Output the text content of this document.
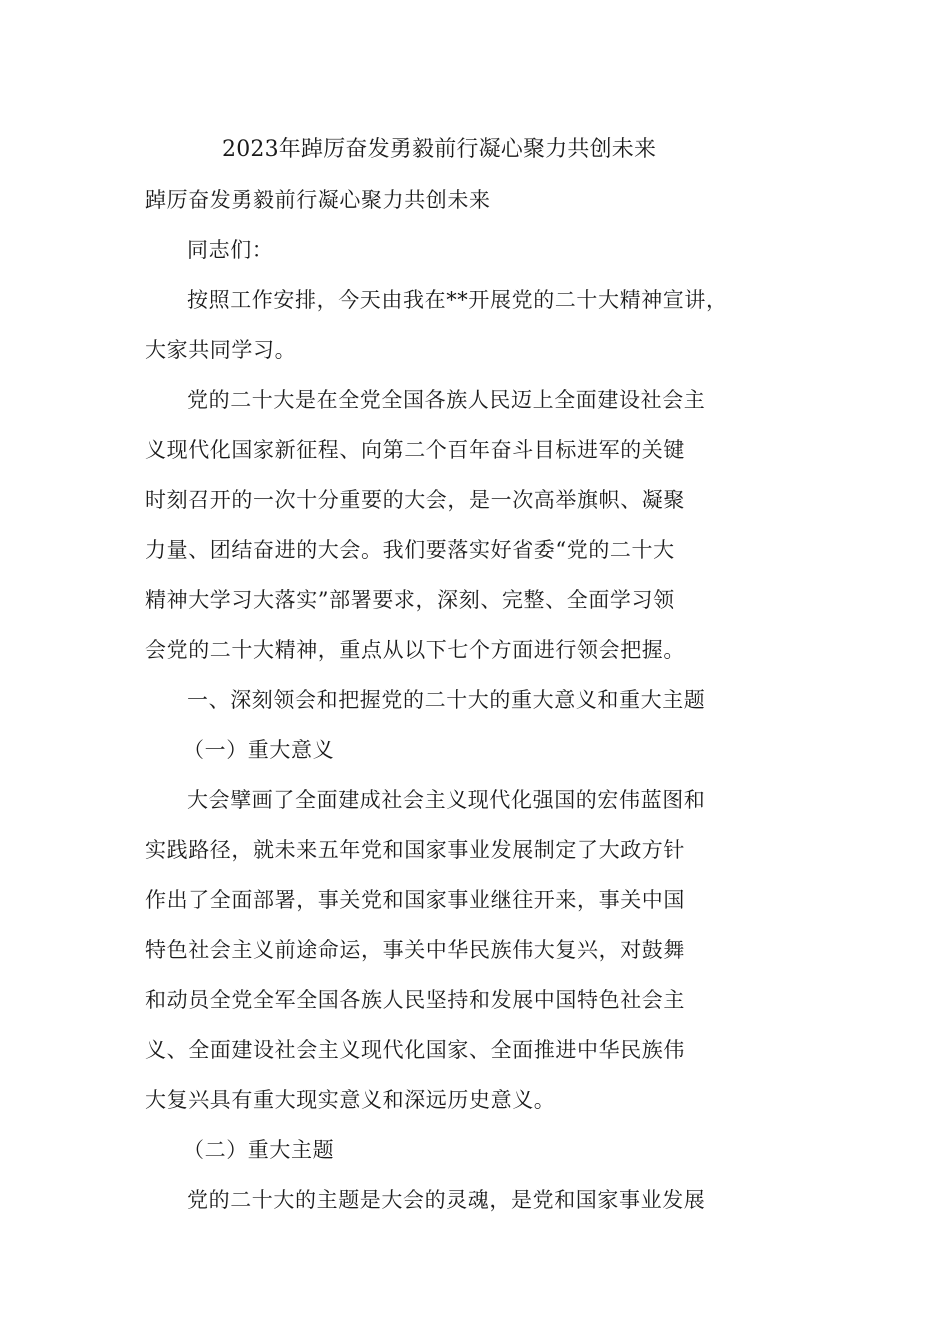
2023年踔厉奋发勇毅前行凝心聚力共创未来
踔厉奋发勇毅前行凝心聚力共创未来
同志们：
按照工作安排，今天由我在**开展党的二十大精神宣讲，
大家共同学习。
党的二十大是在全党全国各族人民迈上全面建设社会主
义现代化国家新征程、向第二个百年奋斗目标进军的关键
时刻召开的一次十分重要的大会，是一次高举旗帜、凝聚
力量、团结奋进的大会。我们要落实好省委“党的二十大
精神大学习大落实”部署要求，深刻、完整、全面学习领
会党的二十大精神，重点从以下七个方面进行领会把握。
一、深刻领会和把握党的二十大的重大意义和重大主题
（一）重大意义
大会擘画了全面建成社会主义现代化强国的宏伟蓝图和
实践路径，就未来五年党和国家事业发展制定了大政方针
作出了全面部署，事关党和国家事业继往开来，事关中国
特色社会主义前途命运，事关中华民族伟大复兴，对鼓舞
和动员全党全军全国各族人民坚持和发展中国特色社会主
义、全面建设社会主义现代化国家、全面推进中华民族伟
大复兴具有重大现实意义和深远历史意义。
（二）重大主题
党的二十大的主题是大会的灵魂，是党和国家事业发展
